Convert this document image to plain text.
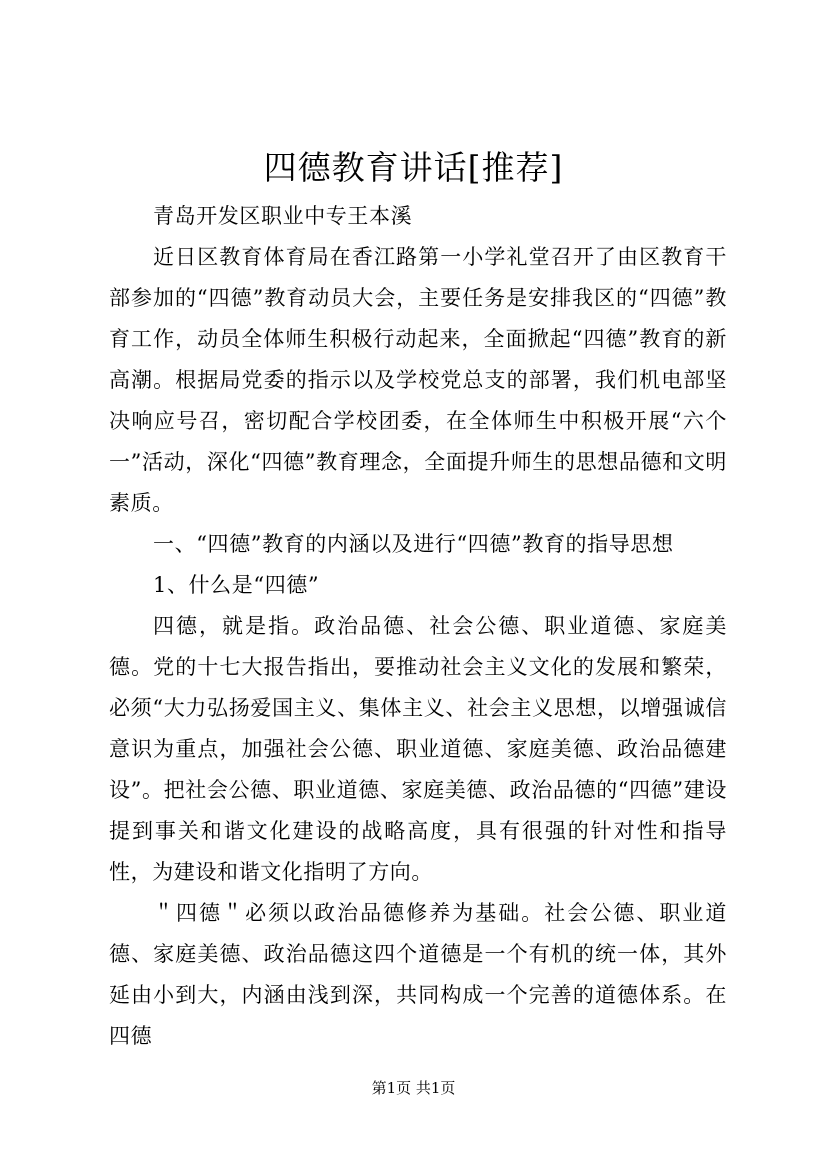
四德教育讲话[推荐]

青岛开发区职业中专王本溪

近日区教育体育局在香江路第一小学礼堂召开了由区教育干部参加的“四德”教育动员大会，主要任务是安排我区的“四德”教育工作，动员全体师生积极行动起来，全面掀起“四德”教育的新高潮。根据局党委的指示以及学校党总支的部署，我们机电部坚决响应号召，密切配合学校团委，在全体师生中积极开展“六个一”活动，深化“四德”教育理念，全面提升师生的思想品德和文明素质。

一、“四德”教育的内涵以及进行“四德”教育的指导思想

1、什么是“四德”

四德，就是指。政治品德、社会公德、职业道德、家庭美德。党的十七大报告指出，要推动社会主义文化的发展和繁荣，必须“大力弘扬爱国主义、集体主义、社会主义思想，以增强诚信意识为重点，加强社会公德、职业道德、家庭美德、政治品德建设”。把社会公德、职业道德、家庭美德、政治品德的“四德”建设提到事关和谐文化建设的战略高度，具有很强的针对性和指导性，为建设和谐文化指明了方向。

＂四德＂必须以政治品德修养为基础。社会公德、职业道德、家庭美德、政治品德这四个道德是一个有机的统一体，其外延由小到大，内涵由浅到深，共同构成一个完善的道德体系。在四德

第1页 共1页
